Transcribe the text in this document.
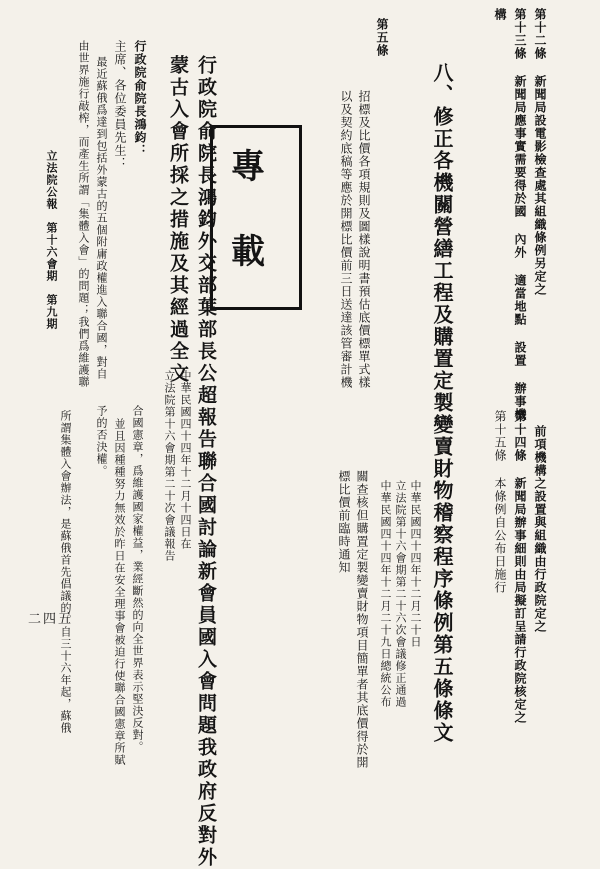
第十二條 新聞局設電影檢查處其組織條例另定之
第十三條 新聞局應事實需要得於國 內外 適當地點 設置 辦事機
構
前項機構之設置與組織由行政院定之
第十四條 新聞局辦事細則由局擬訂呈請行政院核定之
第十五條 本條例自公布日施行
八、修正各機關營繕工程及購置定製變賣財物稽察程序條例第五條條文
第五條
招標及比價各項規則及圖樣說明書預估底價標單式樣
以及契約底稿等應於開標比價前三日送達該管審計機
關查核但購置定製變賣財物項目簡單者其底價得於開
標比價前臨時通知	中華民國四十四年十二月二十日
立法院第十六會期第二十六次會議修正通過
中華民國四十四年十二月二十九日總統公布
專
載
行政院俞院長鴻鈞外交部葉部長公超報告聯合國討論新會員國入會問題我政府反對外
蒙古入會所採之措施及其經過全文
中華民國四十四年十二月十四日在
立法院第十六會期第二十次會議報告
行政院俞院長鴻鈞：
主席、各位委員先生：
最近蘇俄爲達到包括外蒙古的五個附庸政權進入聯合國，對自
由世界施行敲榨，而產生所謂「集體入會」的問題；我們爲維護聯
合國憲章，爲維護國家權益，業經斷然的向全世界表示堅決反對。
並且因種種努力無效於昨日在安全理事會被迫行使聯合國憲章所賦
予的否決權。
所謂集體入會辦法，是蘇俄首先倡議的。自三十六年起，蘇俄
立法院公報　第十六會期　第九期
二四五
